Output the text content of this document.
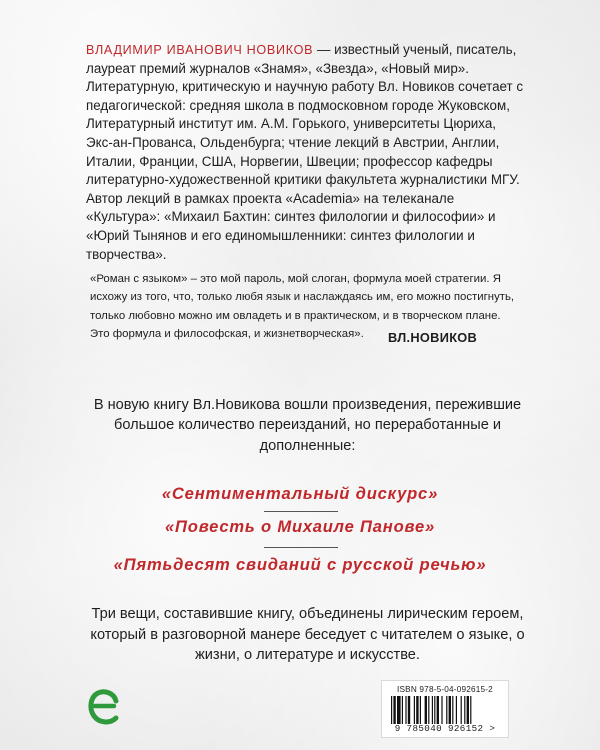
ВЛАДИМИР ИВАНОВИЧ НОВИКОВ — известный ученый, писатель, лауреат премий журналов «Знамя», «Звезда», «Новый мир». Литературную, критическую и научную работу Вл. Новиков сочетает с педагогической: средняя школа в подмосковном городе Жуковском, Литературный институт им. А.М. Горького, университеты Цюриха, Экс-ан-Прованса, Ольденбурга; чтение лекций в Австрии, Англии, Италии, Франции, США, Норвегии, Швеции; профессор кафедры литературно-художественной критики факультета журналистики МГУ. Автор лекций в рамках проекта «Academia» на телеканале «Культура»: «Михаил Бахтин: синтез филологии и философии» и «Юрий Тынянов и его единомышленники: синтез филологии и творчества».

«Роман с языком» – это мой пароль, мой слоган, формула моей стратегии. Я исхожу из того, что, только любя язык и наслаждаясь им, его можно постигнуть, только любовно можно им овладеть и в практическом, и в творческом плане. Это формула и философская, и жизнетворческая».	ВЛ.НОВИКОВ

В новую книгу Вл.Новикова вошли произведения, пережившие большое количество переизданий, но переработанные и дополненные:

«Сентиментальный дискурс»
«Повесть о Михаиле Панове»
«Пятьдесят свиданий с русской речью»

Три вещи, составившие книгу, объединены лирическим героем, который в разговорной манере беседует с читателем о языке, о жизни, о литературе и искусстве.

ISBN 978-5-04-092615-2
9 785040 926152 >
